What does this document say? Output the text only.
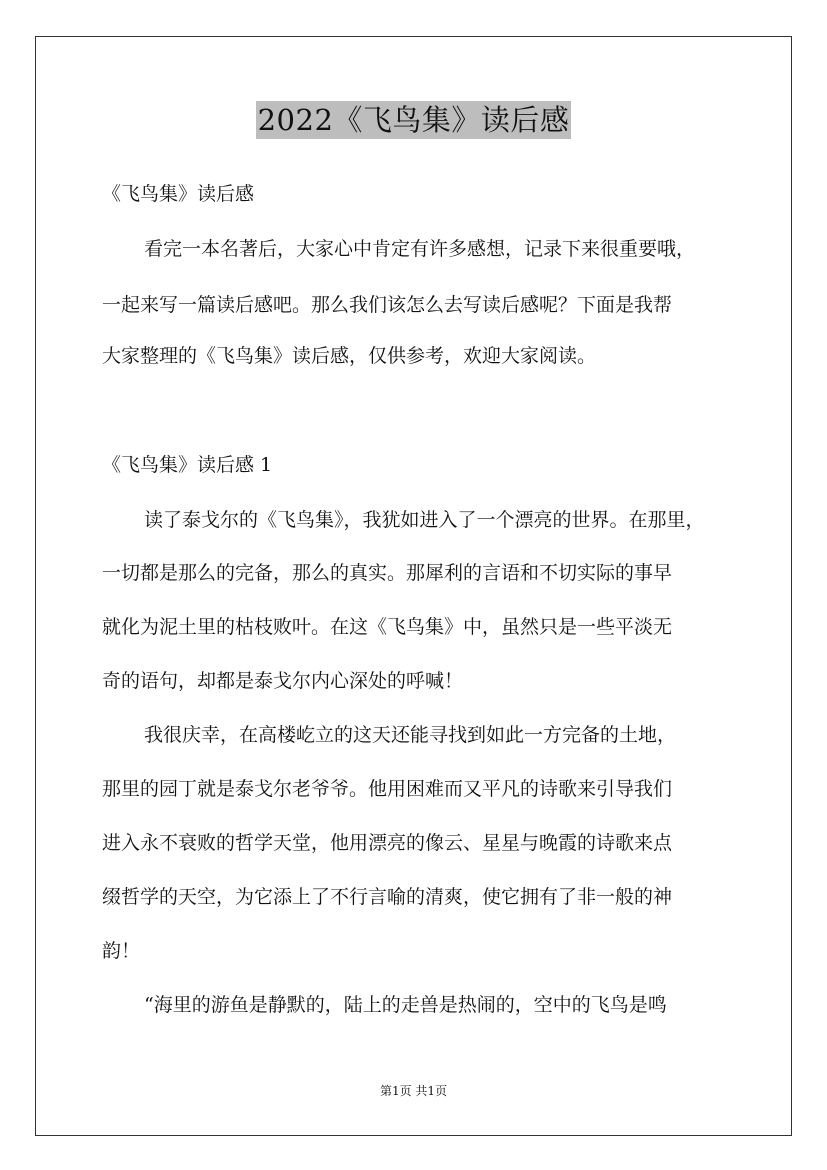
2022《飞鸟集》读后感
《飞鸟集》读后感
看完一本名著后，大家心中肯定有许多感想，记录下来很重要哦，
一起来写一篇读后感吧。那么我们该怎么去写读后感呢？下面是我帮
大家整理的《飞鸟集》读后感，仅供参考，欢迎大家阅读。
《飞鸟集》读后感 1
读了泰戈尔的《飞鸟集》，我犹如进入了一个漂亮的世界。在那里，
一切都是那么的完备，那么的真实。那犀利的言语和不切实际的事早
就化为泥土里的枯枝败叶。在这《飞鸟集》中，虽然只是一些平淡无
奇的语句，却都是泰戈尔内心深处的呼喊！
我很庆幸，在高楼屹立的这天还能寻找到如此一方完备的土地，
那里的园丁就是泰戈尔老爷爷。他用困难而又平凡的诗歌来引导我们
进入永不衰败的哲学天堂，他用漂亮的像云、星星与晚霞的诗歌来点
缀哲学的天空，为它添上了不行言喻的清爽，使它拥有了非一般的神
韵！
“海里的游鱼是静默的，陆上的走兽是热闹的，空中的飞鸟是鸣
第1页 共1页
